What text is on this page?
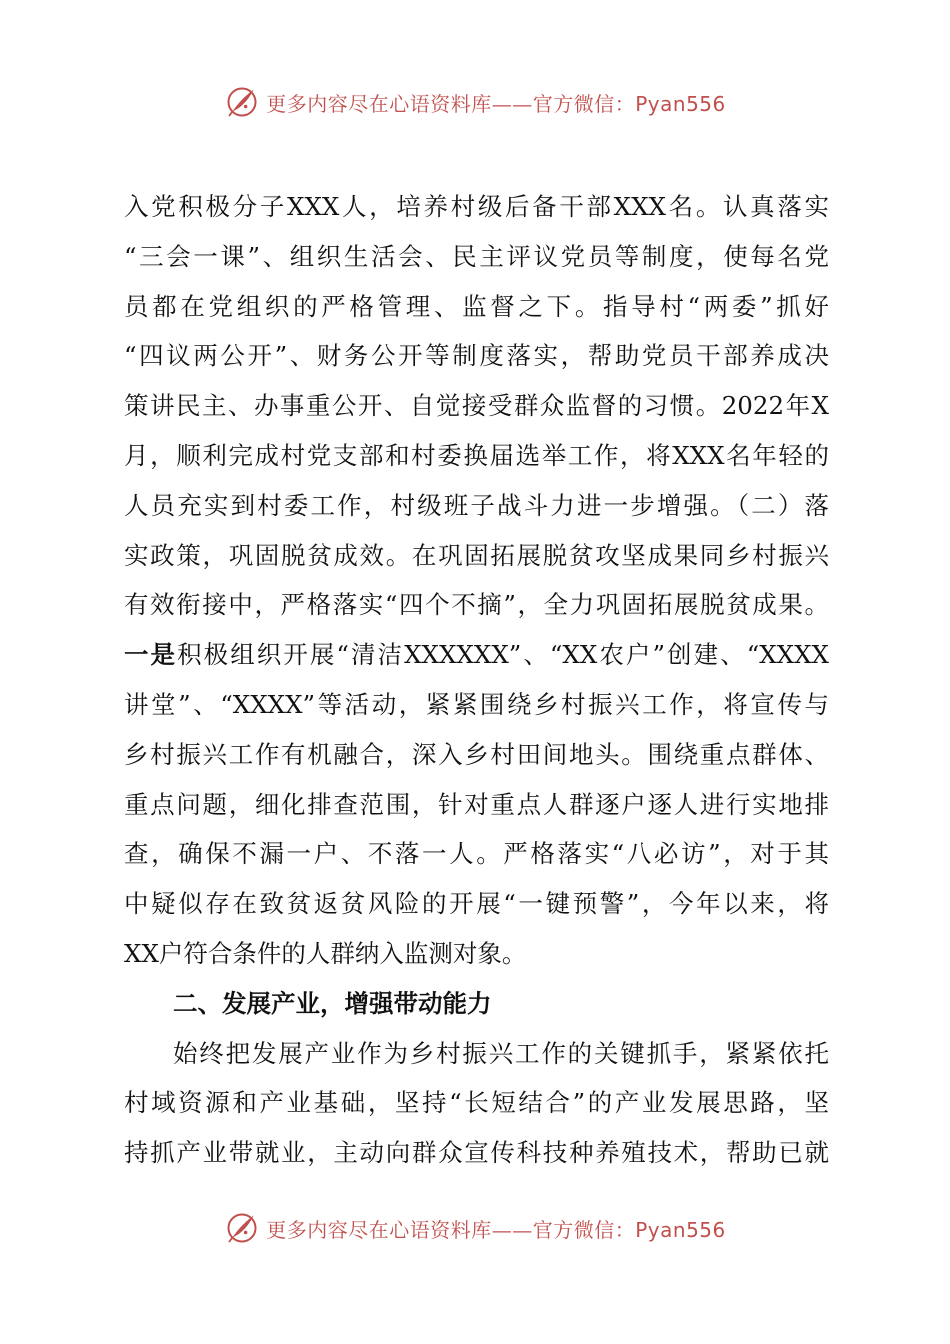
更多内容尽在心语资料库——官方微信：Pyan556
入党积极分子XXX人，培养村级后备干部XXX名。认真落实
“三会一课”、组织生活会、民主评议党员等制度，使每名党
员都在党组织的严格管理、监督之下。指导村“两委”抓好
“四议两公开”、财务公开等制度落实，帮助党员干部养成决
策讲民主、办事重公开、自觉接受群众监督的习惯。2022年X
月，顺利完成村党支部和村委换届选举工作，将XXX名年轻的
人员充实到村委工作，村级班子战斗力进一步增强。（二）落
实政策，巩固脱贫成效。在巩固拓展脱贫攻坚成果同乡村振兴
有效衔接中，严格落实“四个不摘”，全力巩固拓展脱贫成果。
一是积极组织开展“清洁XXXXXX”、“XX农户”创建、“XXXX
讲堂”、“XXXX”等活动，紧紧围绕乡村振兴工作，将宣传与
乡村振兴工作有机融合，深入乡村田间地头。围绕重点群体、
重点问题，细化排查范围，针对重点人群逐户逐人进行实地排
查，确保不漏一户、不落一人。严格落实“八必访”，对于其
中疑似存在致贫返贫风险的开展“一键预警”，今年以来，将
XX户符合条件的人群纳入监测对象。
二、发展产业，增强带动能力
始终把发展产业作为乡村振兴工作的关键抓手，紧紧依托
村域资源和产业基础，坚持“长短结合”的产业发展思路，坚
持抓产业带就业，主动向群众宣传科技种养殖技术，帮助已就
更多内容尽在心语资料库——官方微信：Pyan556
